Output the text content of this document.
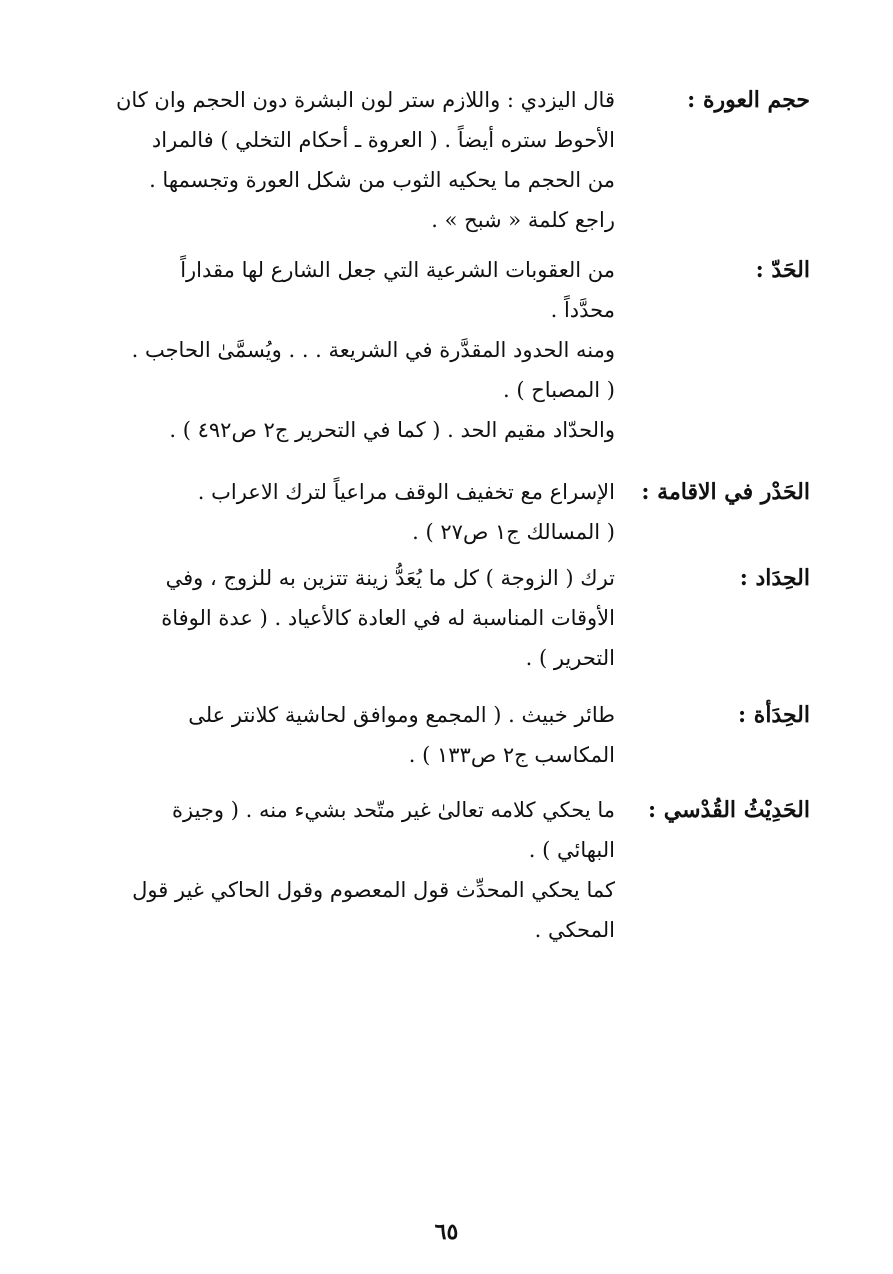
حجم العورة :
قال اليزدي : واللازم ستر لون البشرة دون الحجم وان كان
الأحوط ستره أيضاً . ( العروة ـ أحكام التخلي ) فالمراد
من الحجم ما يحكيه الثوب من شكل العورة وتجسمها .
راجع كلمة « شبح » .
الحَدّ :
من العقوبات الشرعية التي جعل الشارع لها مقداراً
محدَّداً .
ومنه الحدود المقدَّرة في الشريعة . . . ويُسمَّىٰ الحاجب .
( المصباح ) .
والحدّاد مقيم الحد . ( كما في التحرير ج٢ ص٤٩٢ ) .
الحَدْر في الاقامة :
الإسراع مع تخفيف الوقف مراعياً لترك الاعراب .
( المسالك ج١ ص٢٧ ) .
الحِدَاد :
ترك ( الزوجة ) كل ما يُعَدُّ زينة تتزين به للزوج ، وفي
الأوقات المناسبة له في العادة كالأعياد . ( عدة الوفاة
التحرير ) .
الحِدَأة :
طائر خبيث . ( المجمع وموافق لحاشية كلانتر على
المكاسب ج٢ ص١٣٣ ) .
الحَدِيْثُ القُدْسي :
ما يحكي كلامه تعالىٰ غير متّحد بشيء منه . ( وجيزة
البهائي ) .
كما يحكي المحدِّث قول المعصوم وقول الحاكي غير قول
المحكي .
٦٥
